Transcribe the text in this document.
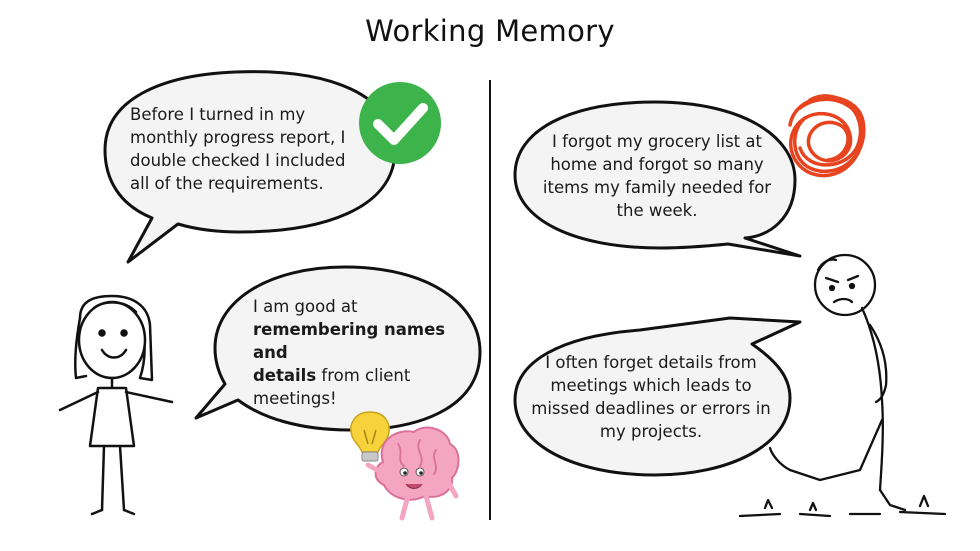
Working Memory
Before I turned in my
monthly progress report, I
double checked I included
all of the requirements.
I am good at
remembering names and
details from client
meetings!
I forgot my grocery list at
home and forgot so many
items my family needed for
the week.
I often forget details from
meetings which leads to
missed deadlines or errors in
my projects.
